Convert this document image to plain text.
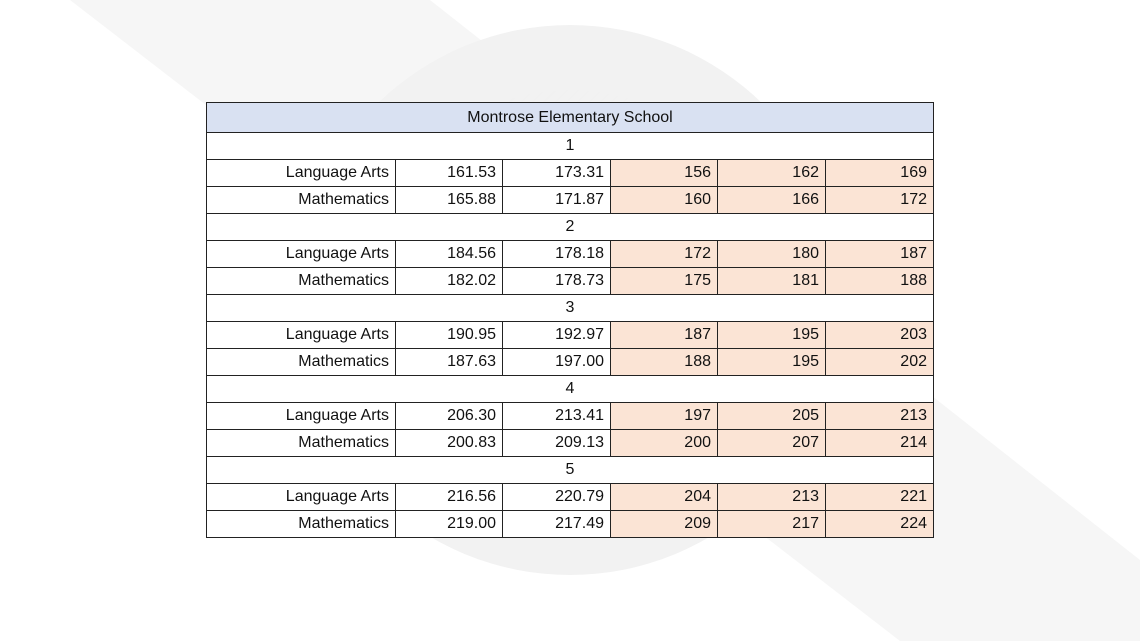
Montrose Elementary School					
1					
Language Arts	161.53	173.31	156	162	169
Mathematics	165.88	171.87	160	166	172
2					
Language Arts	184.56	178.18	172	180	187
Mathematics	182.02	178.73	175	181	188
3					
Language Arts	190.95	192.97	187	195	203
Mathematics	187.63	197.00	188	195	202
4					
Language Arts	206.30	213.41	197	205	213
Mathematics	200.83	209.13	200	207	214
5					
Language Arts	216.56	220.79	204	213	221
Mathematics	219.00	217.49	209	217	224
